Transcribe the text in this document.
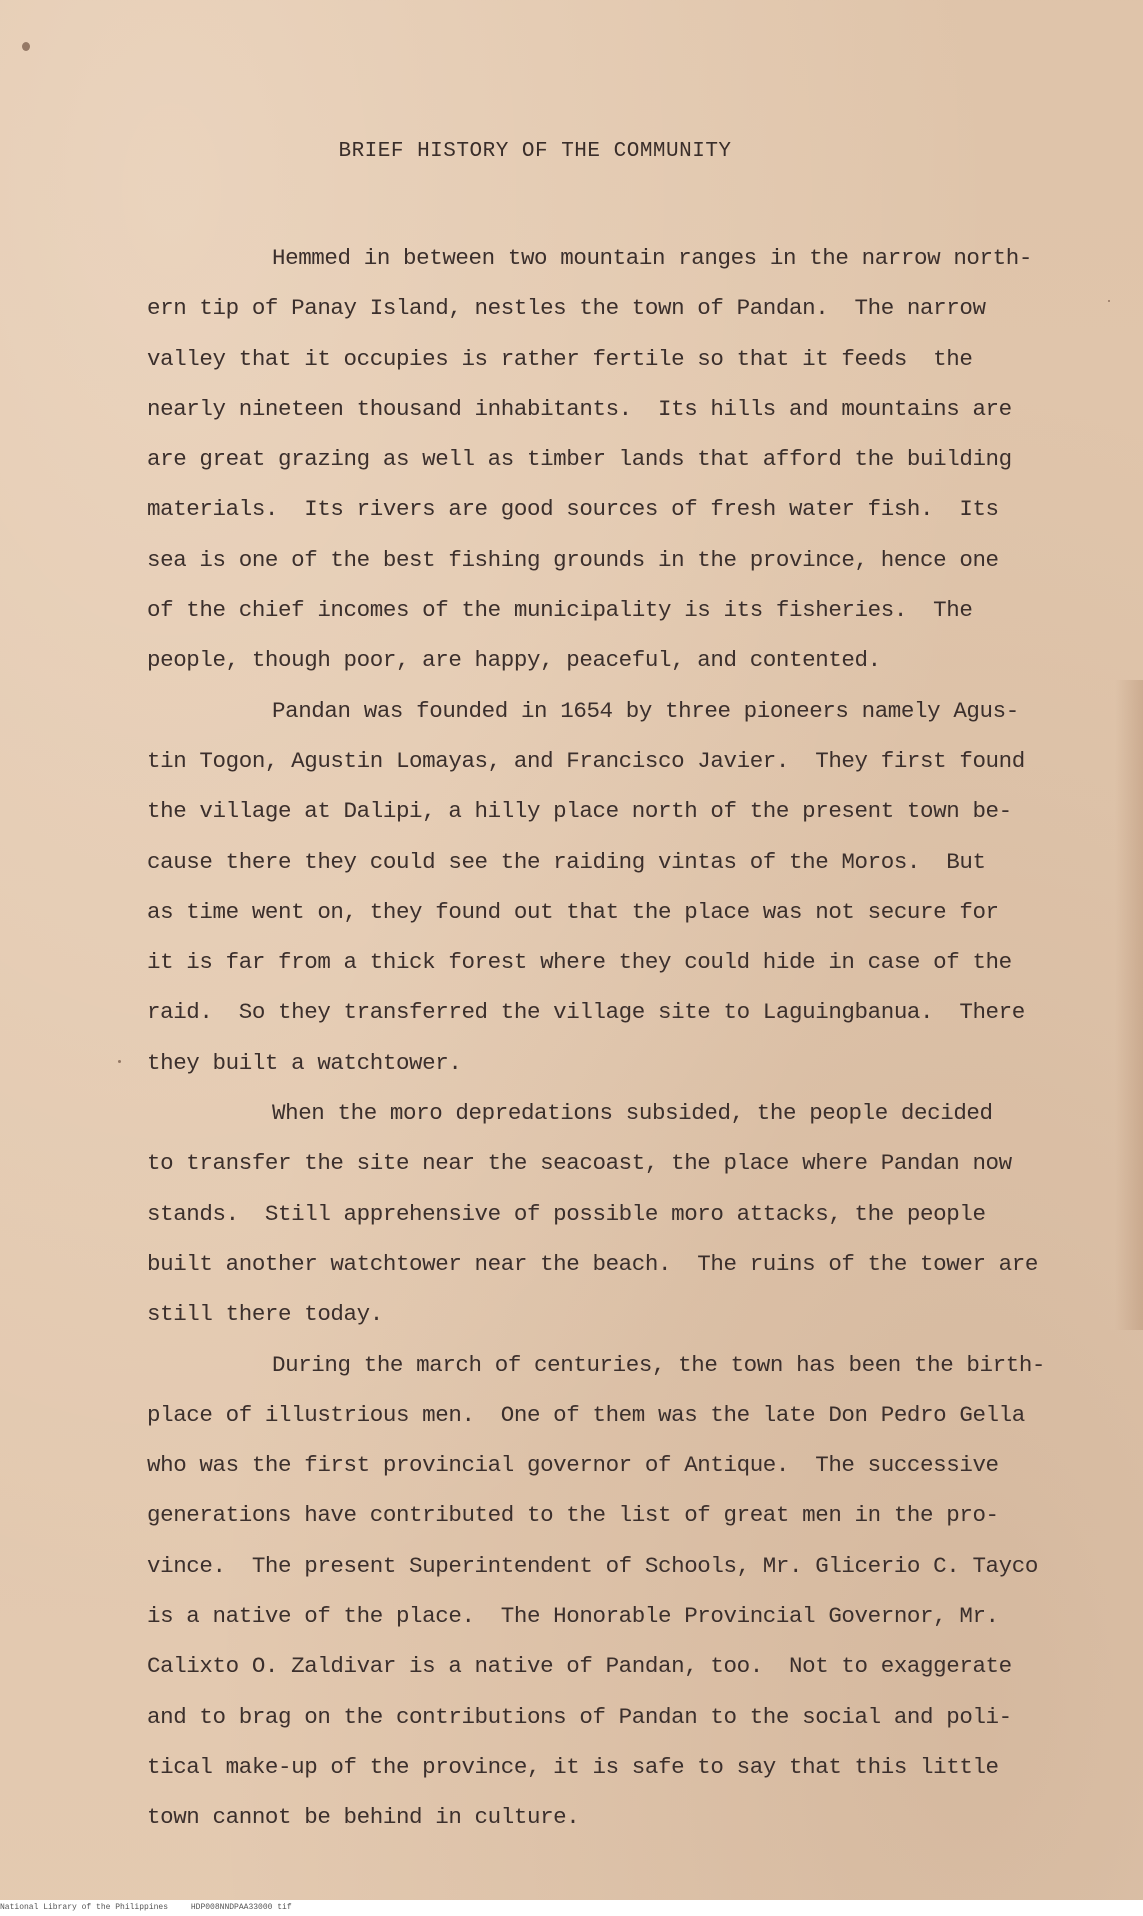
BRIEF HISTORY OF THE COMMUNITY
Hemmed in between two mountain ranges in the narrow north-
ern tip of Panay Island, nestles the town of Pandan.  The narrow
valley that it occupies is rather fertile so that it feeds  the
nearly nineteen thousand inhabitants.  Its hills and mountains are
are great grazing as well as timber lands that afford the building
materials.  Its rivers are good sources of fresh water fish.  Its
sea is one of the best fishing grounds in the province, hence one
of the chief incomes of the municipality is its fisheries.  The
people, though poor, are happy, peaceful, and contented.
Pandan was founded in 1654 by three pioneers namely Agus-
tin Togon, Agustin Lomayas, and Francisco Javier.  They first found
the village at Dalipi, a hilly place north of the present town be-
cause there they could see the raiding vintas of the Moros.  But
as time went on, they found out that the place was not secure for
it is far from a thick forest where they could hide in case of the
raid.  So they transferred the village site to Laguingbanua.  There
they built a watchtower.
When the moro depredations subsided, the people decided
to transfer the site near the seacoast, the place where Pandan now
stands.  Still apprehensive of possible moro attacks, the people
built another watchtower near the beach.  The ruins of the tower are
still there today.
During the march of centuries, the town has been the birth-
place of illustrious men.  One of them was the late Don Pedro Gella
who was the first provincial governor of Antique.  The successive
generations have contributed to the list of great men in the pro-
vince.  The present Superintendent of Schools, Mr. Glicerio C. Tayco
is a native of the place.  The Honorable Provincial Governor, Mr.
Calixto O. Zaldivar is a native of Pandan, too.  Not to exaggerate
and to brag on the contributions of Pandan to the social and poli-
tical make-up of the province, it is safe to say that this little
town cannot be behind in culture.
National Library of the Philippines	HDP008NNDPAA33000 tif
